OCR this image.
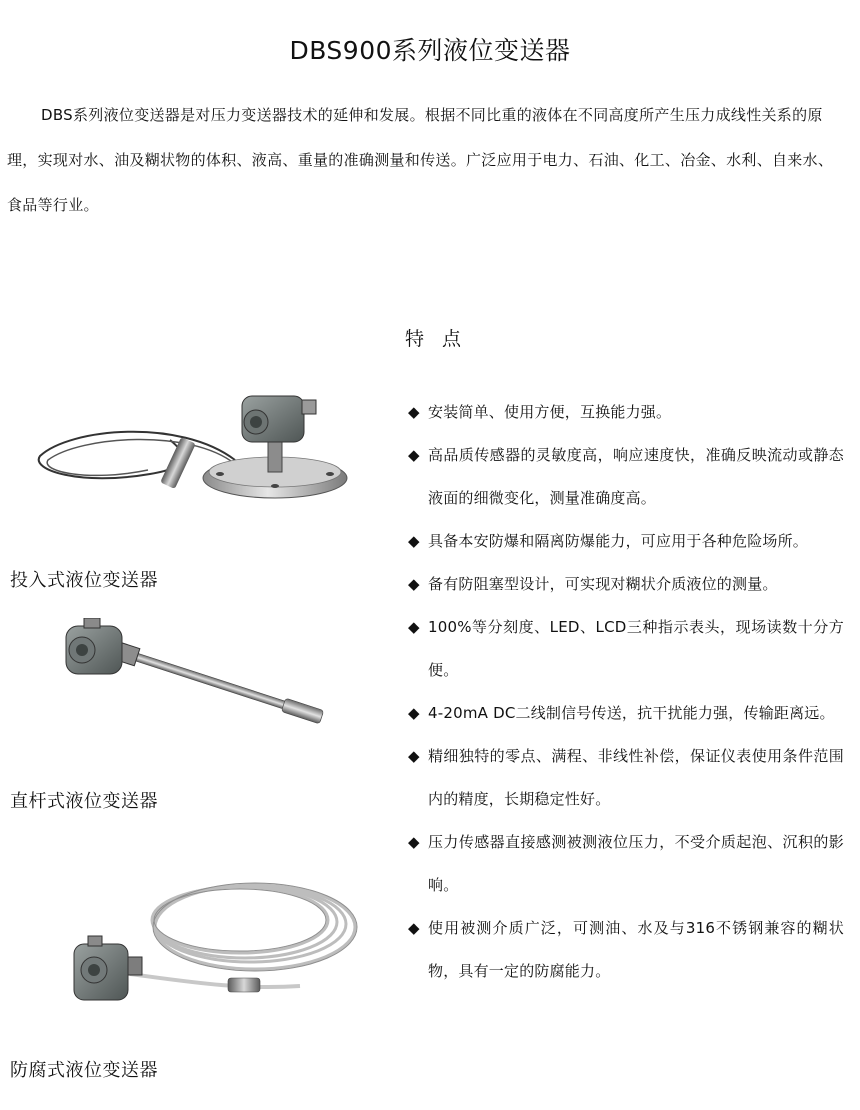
DBS900系列液位变送器

DBS系列液位变送器是对压力变送器技术的延伸和发展。根据不同比重的液体在不同高度所产生压力成线性关系的原理，实现对水、油及糊状物的体积、液高、重量的准确测量和传送。广泛应用于电力、石油、化工、冶金、水利、自来水、食品等行业。

特点
◆ 安装简单、使用方便，互换能力强。
◆ 高品质传感器的灵敏度高，响应速度快，准确反映流动或静态液面的细微变化，测量准确度高。
◆ 具备本安防爆和隔离防爆能力，可应用于各种危险场所。
◆ 备有防阻塞型设计，可实现对糊状介质液位的测量。
◆ 100%等分刻度、LED、LCD三种指示表头，现场读数十分方便。
◆ 4-20mA DC二线制信号传送，抗干扰能力强，传输距离远。
◆ 精细独特的零点、满程、非线性补偿，保证仪表使用条件范围内的精度，长期稳定性好。
◆ 压力传感器直接感测被测液位压力，不受介质起泡、沉积的影响。
◆ 使用被测介质广泛，可测油、水及与316不锈钢兼容的糊状物，具有一定的防腐能力。
投入式液位变送器
直杆式液位变送器
防腐式液位变送器
